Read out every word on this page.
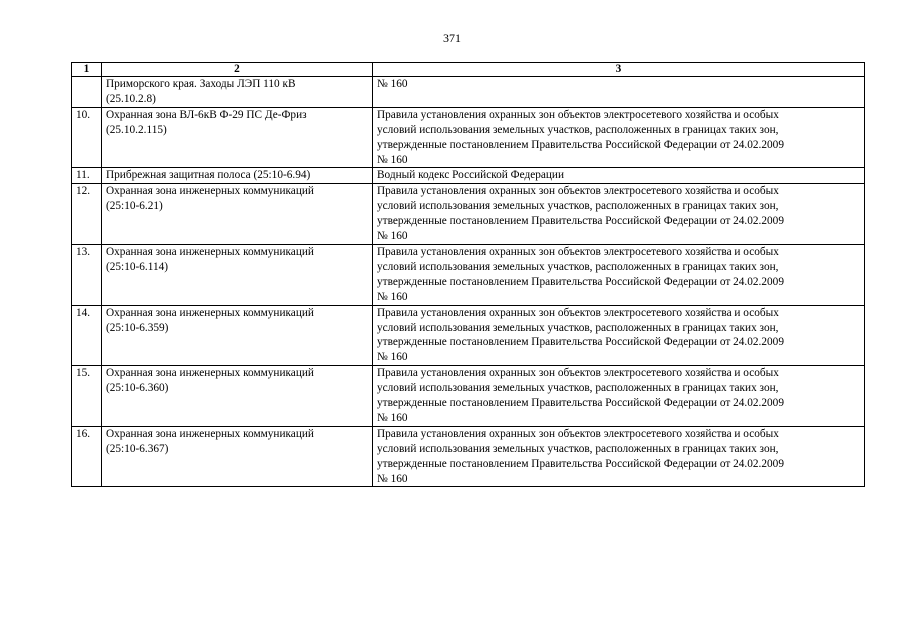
371
1	2	3

	Приморского края. Заходы ЛЭП 110 кВ
(25.10.2.8)	№ 160

10.	Охранная зона ВЛ-6кВ Ф-29 ПС Де-Фриз
(25.10.2.115)	Правила установления охранных зон объектов электросетевого хозяйства и особых
условий использования земельных участков, расположенных в границах таких зон,
утвержденные постановлением Правительства Российской Федерации от 24.02.2009
№ 160

11.	Прибрежная защитная полоса (25:10-6.94)	Водный кодекс Российской Федерации

12.	Охранная зона инженерных коммуникаций
(25:10-6.21)	Правила установления охранных зон объектов электросетевого хозяйства и особых
условий использования земельных участков, расположенных в границах таких зон,
утвержденные постановлением Правительства Российской Федерации от 24.02.2009
№ 160

13.	Охранная зона инженерных коммуникаций
(25:10-6.114)	Правила установления охранных зон объектов электросетевого хозяйства и особых
условий использования земельных участков, расположенных в границах таких зон,
утвержденные постановлением Правительства Российской Федерации от 24.02.2009
№ 160

14.	Охранная зона инженерных коммуникаций
(25:10-6.359)	Правила установления охранных зон объектов электросетевого хозяйства и особых
условий использования земельных участков, расположенных в границах таких зон,
утвержденные постановлением Правительства Российской Федерации от 24.02.2009
№ 160

15.	Охранная зона инженерных коммуникаций
(25:10-6.360)	Правила установления охранных зон объектов электросетевого хозяйства и особых
условий использования земельных участков, расположенных в границах таких зон,
утвержденные постановлением Правительства Российской Федерации от 24.02.2009
№ 160

16.	Охранная зона инженерных коммуникаций
(25:10-6.367)	Правила установления охранных зон объектов электросетевого хозяйства и особых
условий использования земельных участков, расположенных в границах таких зон,
утвержденные постановлением Правительства Российской Федерации от 24.02.2009
№ 160
